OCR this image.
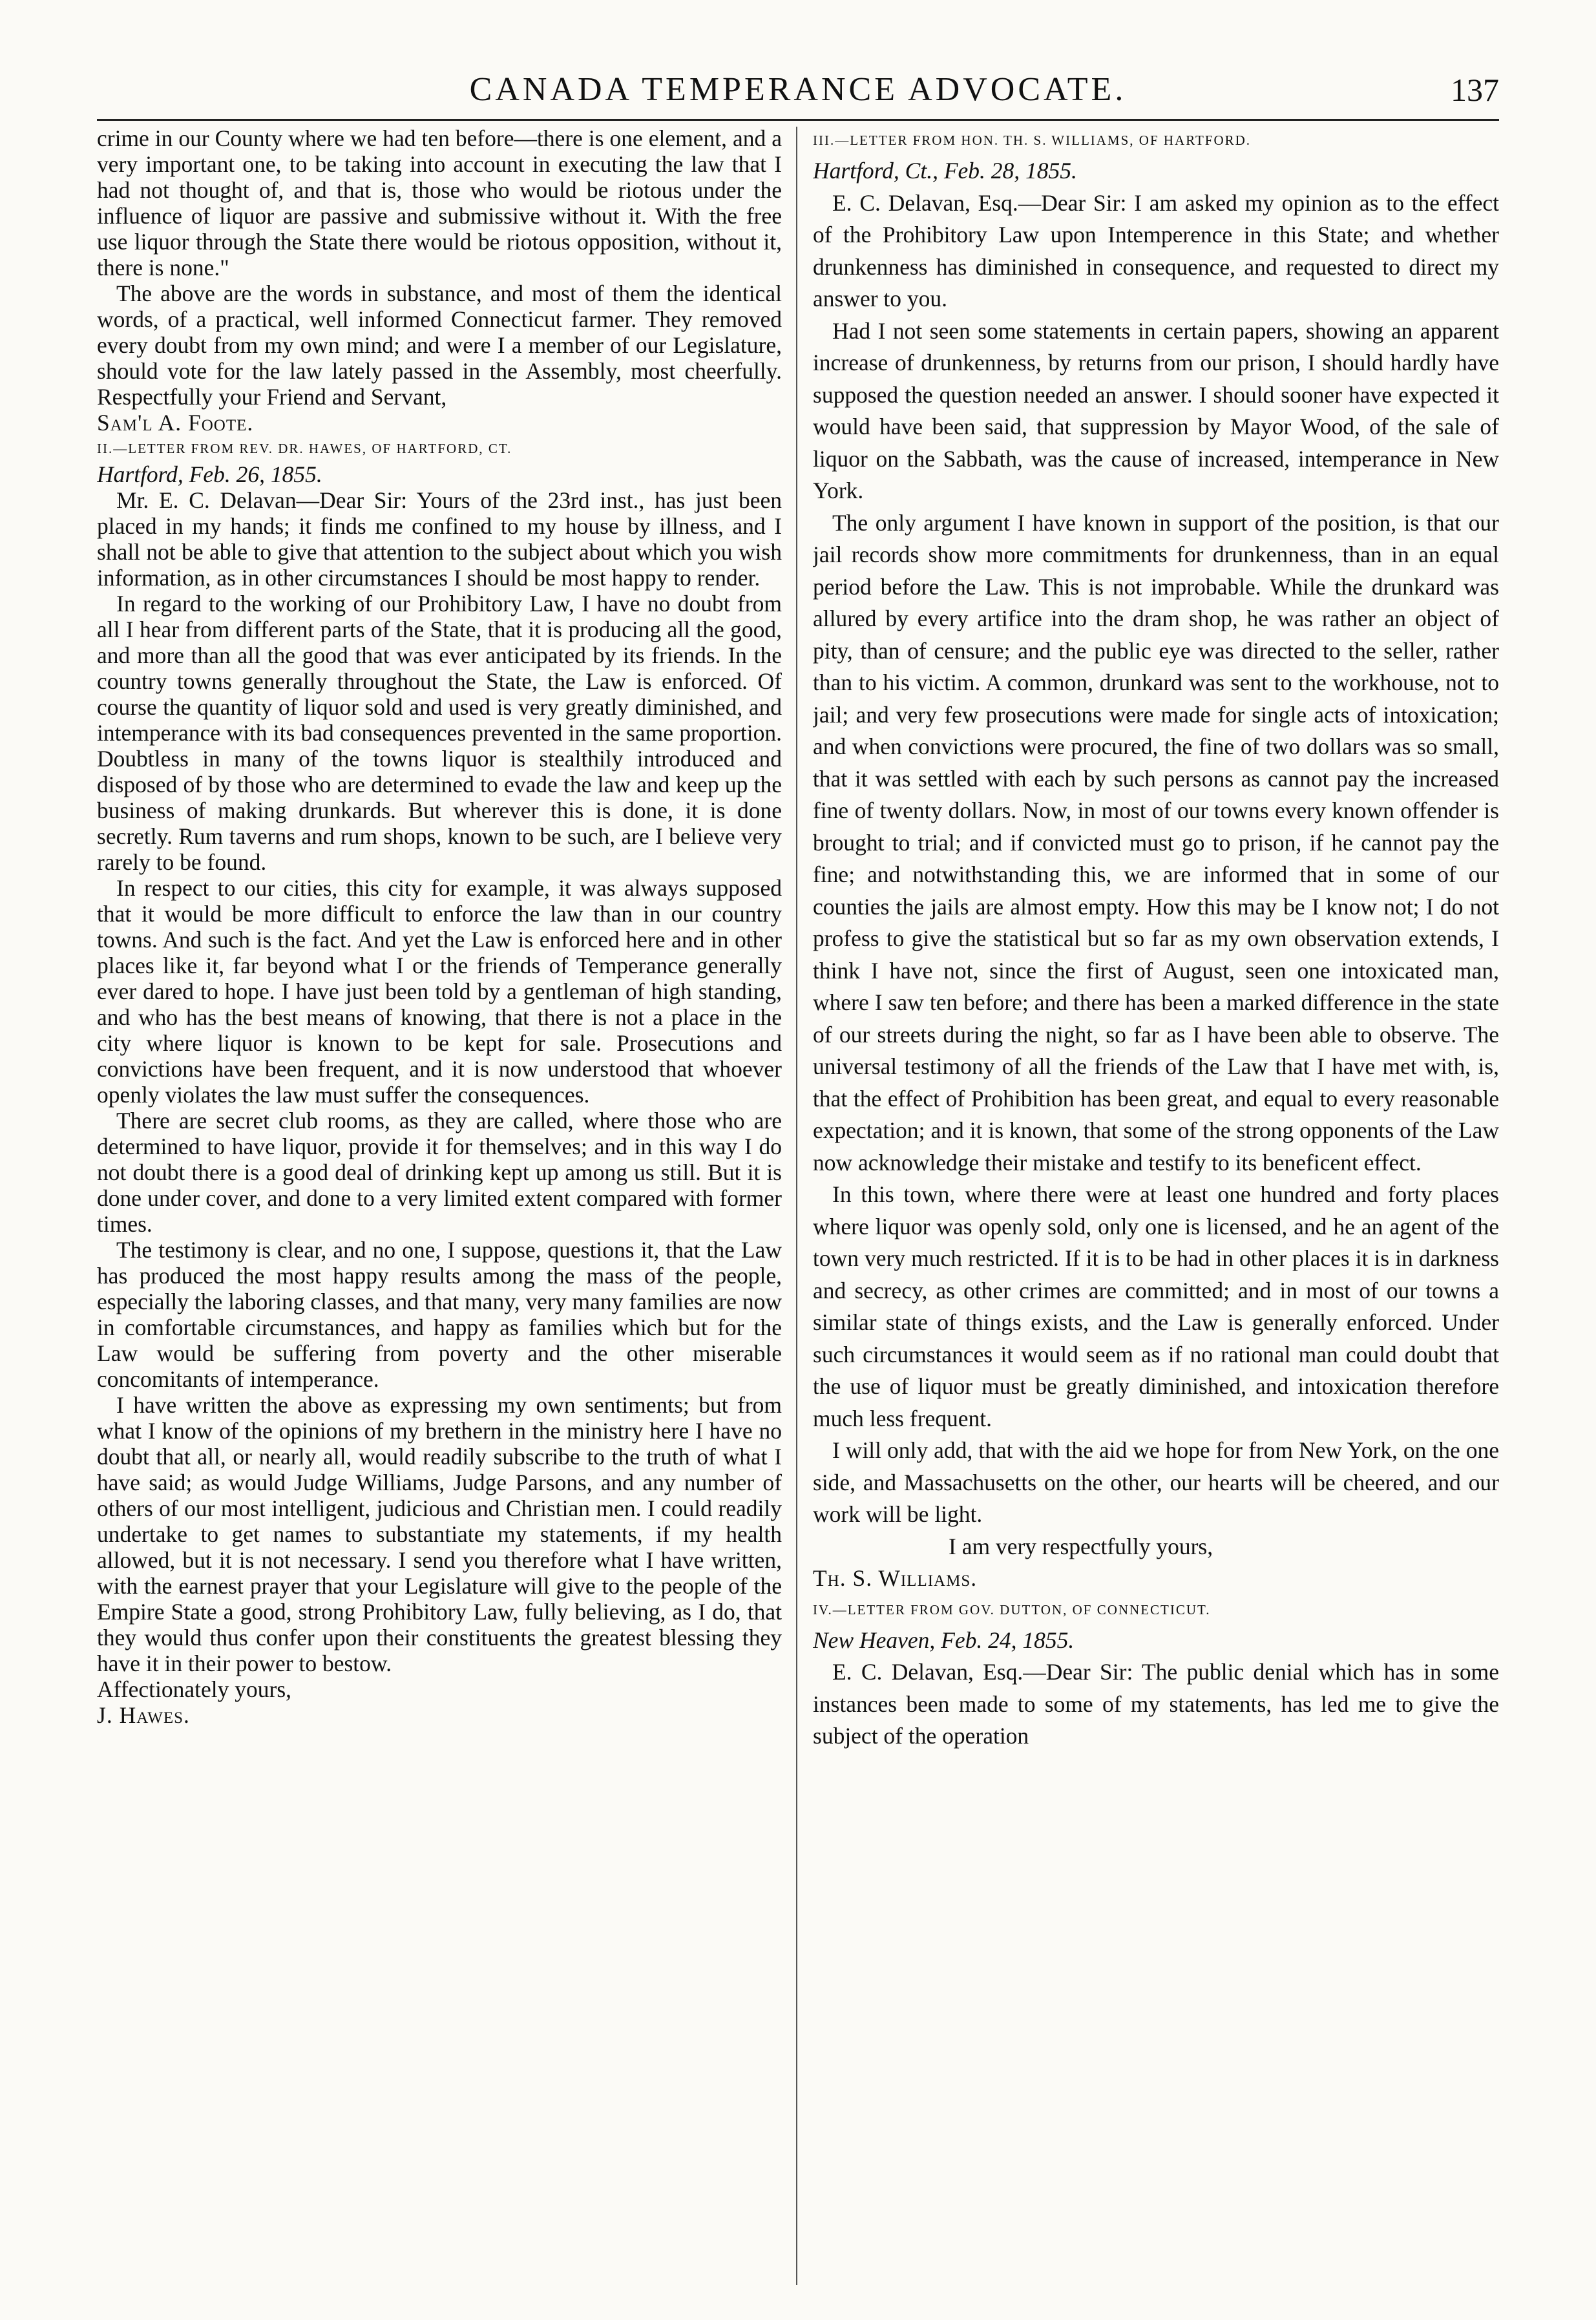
CANADA TEMPERANCE ADVOCATE.	137

crime in our County where we had ten before—there is one element, and a very important one, to be taking into account in executing the law that I had not thought of, and that is, those who would be riotous under the influence of liquor are passive and submissive without it. With the free use liquor through the State there would be riotous opposition, without it, there is none."

The above are the words in substance, and most of them the identical words, of a practical, well informed Connecticut farmer. They removed every doubt from my own mind; and were I a member of our Legislature, should vote for the law lately passed in the Assembly, most cheerfully. Respectfully your Friend and Servant,

Sam'l A. Foote.

II.—LETTER FROM REV. DR. HAWES, OF HARTFORD, CT.

Hartford, Feb. 26, 1855.

Mr. E. C. Delavan—Dear Sir: Yours of the 23rd inst., has just been placed in my hands; it finds me confined to my house by illness, and I shall not be able to give that attention to the subject about which you wish information, as in other circumstances I should be most happy to render.

In regard to the working of our Prohibitory Law, I have no doubt from all I hear from different parts of the State, that it is producing all the good, and more than all the good that was ever anticipated by its friends. In the country towns generally throughout the State, the Law is enforced. Of course the quantity of liquor sold and used is very greatly diminished, and intemperance with its bad consequences prevented in the same proportion. Doubtless in many of the towns liquor is stealthily introduced and disposed of by those who are determined to evade the law and keep up the business of making drunkards. But wherever this is done, it is done secretly. Rum taverns and rum shops, known to be such, are I believe very rarely to be found.

In respect to our cities, this city for example, it was always supposed that it would be more difficult to enforce the law than in our country towns. And such is the fact. And yet the Law is enforced here and in other places like it, far beyond what I or the friends of Temperance generally ever dared to hope. I have just been told by a gentleman of high standing, and who has the best means of knowing, that there is not a place in the city where liquor is known to be kept for sale. Prosecutions and convictions have been frequent, and it is now understood that whoever openly violates the law must suffer the consequences.

There are secret club rooms, as they are called, where those who are determined to have liquor, provide it for themselves; and in this way I do not doubt there is a good deal of drinking kept up among us still. But it is done under cover, and done to a very limited extent compared with former times.

The testimony is clear, and no one, I suppose, questions it, that the Law has produced the most happy results among the mass of the people, especially the laboring classes, and that many, very many families are now in comfortable circumstances, and happy as families which but for the Law would be suffering from poverty and the other miserable concomitants of intemperance.

I have written the above as expressing my own sentiments; but from what I know of the opinions of my brethern in the ministry here I have no doubt that all, or nearly all, would readily subscribe to the truth of what I have said; as would Judge Williams, Judge Parsons, and any number of others of our most intelligent, judicious and Christian men. I could readily undertake to get names to substantiate my statements, if my health allowed, but it is not necessary. I send you therefore what I have written, with the earnest prayer that your Legislature will give to the people of the Empire State a good, strong Prohibitory Law, fully believing, as I do, that they would thus confer upon their constituents the greatest blessing they have it in their power to bestow.

Affectionately yours,

J. Hawes.

III.—LETTER FROM HON. TH. S. WILLIAMS, OF HARTFORD.

Hartford, Ct., Feb. 28, 1855.

E. C. Delavan, Esq.—Dear Sir: I am asked my opinion as to the effect of the Prohibitory Law upon Intemperence in this State; and whether drunkenness has diminished in consequence, and requested to direct my answer to you.

Had I not seen some statements in certain papers, showing an apparent increase of drunkenness, by returns from our prison, I should hardly have supposed the question needed an answer. I should sooner have expected it would have been said, that suppression by Mayor Wood, of the sale of liquor on the Sabbath, was the cause of increased, intemperance in New York.

The only argument I have known in support of the position, is that our jail records show more commitments for drunkenness, than in an equal period before the Law. This is not improbable. While the drunkard was allured by every artifice into the dram shop, he was rather an object of pity, than of censure; and the public eye was directed to the seller, rather than to his victim. A common, drunkard was sent to the workhouse, not to jail; and very few prosecutions were made for single acts of intoxication; and when convictions were procured, the fine of two dollars was so small, that it was settled with each by such persons as cannot pay the increased fine of twenty dollars. Now, in most of our towns every known offender is brought to trial; and if convicted must go to prison, if he cannot pay the fine; and notwithstanding this, we are informed that in some of our counties the jails are almost empty. How this may be I know not; I do not profess to give the statistical but so far as my own observation extends, I think I have not, since the first of August, seen one intoxicated man, where I saw ten before; and there has been a marked difference in the state of our streets during the night, so far as I have been able to observe. The universal testimony of all the friends of the Law that I have met with, is, that the effect of Prohibition has been great, and equal to every reasonable expectation; and it is known, that some of the strong opponents of the Law now acknowledge their mistake and testify to its beneficent effect.

In this town, where there were at least one hundred and forty places where liquor was openly sold, only one is licensed, and he an agent of the town very much restricted. If it is to be had in other places it is in darkness and secrecy, as other crimes are committed; and in most of our towns a similar state of things exists, and the Law is generally enforced. Under such circumstances it would seem as if no rational man could doubt that the use of liquor must be greatly diminished, and intoxication therefore much less frequent.

I will only add, that with the aid we hope for from New York, on the one side, and Massachusetts on the other, our hearts will be cheered, and our work will be light.

I am very respectfully yours,

Th. S. Williams.

IV.—LETTER FROM GOV. DUTTON, OF CONNECTICUT.

New Heaven, Feb. 24, 1855.

E. C. Delavan, Esq.—Dear Sir: The public denial which has in some instances been made to some of my statements, has led me to give the subject of the operation
